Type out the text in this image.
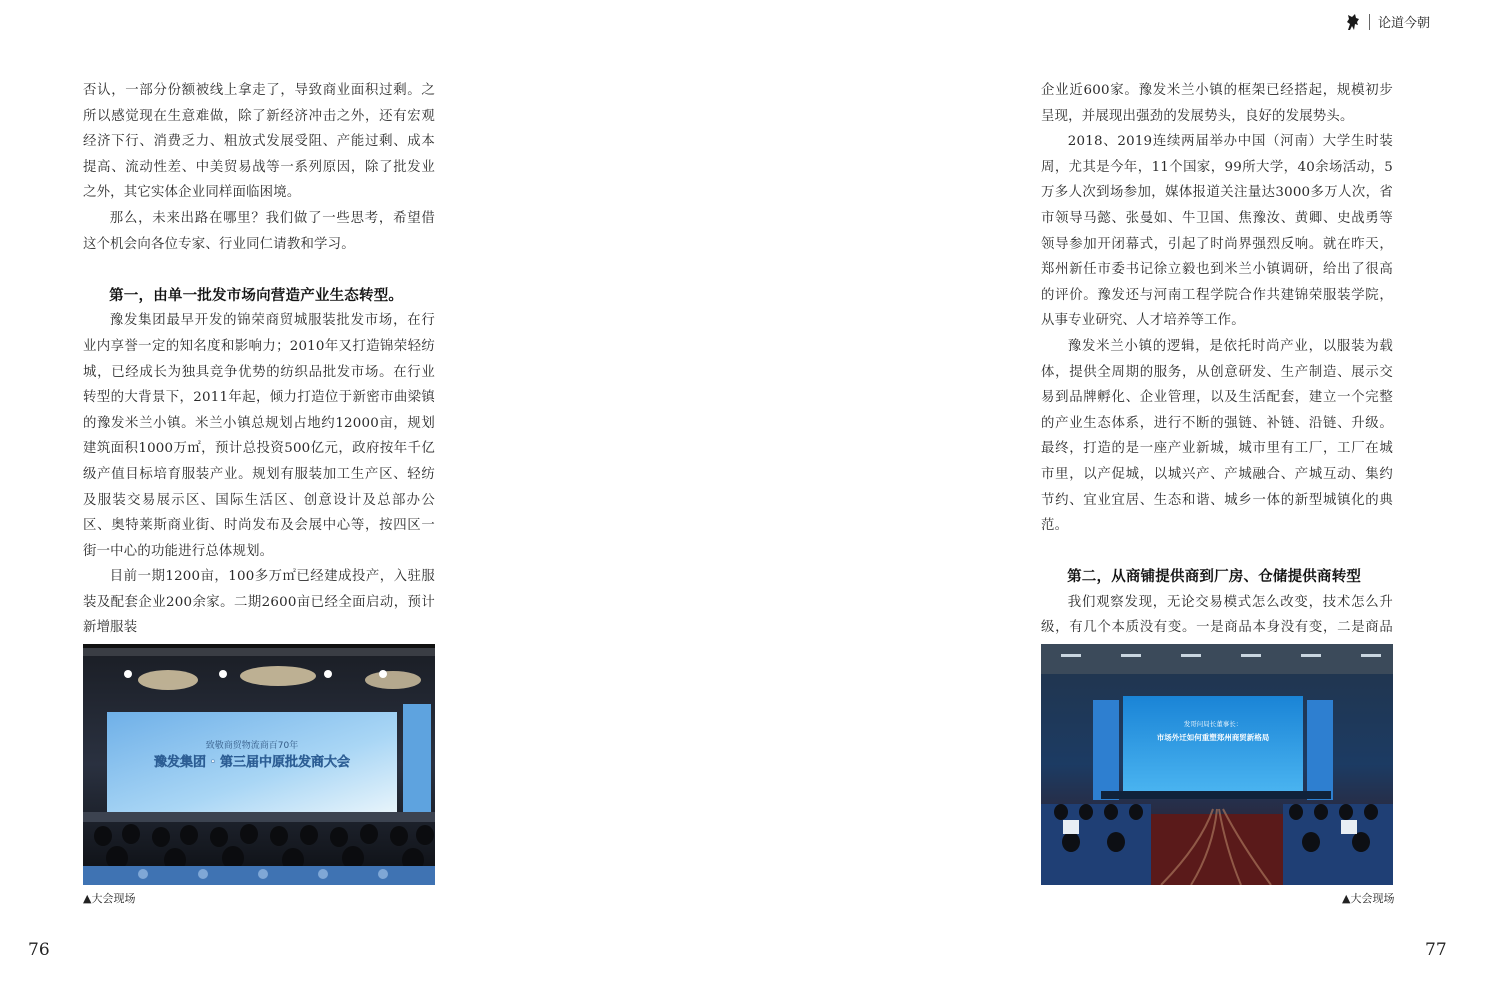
论道今朝

否认，一部分份额被线上拿走了，导致商业面积过剩。之所以感觉现在生意难做，除了新经济冲击之外，还有宏观经济下行、消费乏力、粗放式发展受阻、产能过剩、成本提高、流动性差、中美贸易战等一系列原因，除了批发业之外，其它实体企业同样面临困境。

那么，未来出路在哪里？我们做了一些思考，希望借这个机会向各位专家、行业同仁请教和学习。

第一，由单一批发市场向营造产业生态转型。

豫发集团最早开发的锦荣商贸城服装批发市场，在行业内享誉一定的知名度和影响力；2010年又打造锦荣轻纺城，已经成长为独具竞争优势的纺织品批发市场。在行业转型的大背景下，2011年起，倾力打造位于新密市曲梁镇的豫发米兰小镇。米兰小镇总规划占地约12000亩，规划建筑面积1000万㎡，预计总投资500亿元，政府按年千亿级产值目标培育服装产业。规划有服装加工生产区、轻纺及服装交易展示区、国际生活区、创意设计及总部办公区、奥特莱斯商业街、时尚发布及会展中心等，按四区一街一中心的功能进行总体规划。

目前一期1200亩，100多万㎡已经建成投产，入驻服装及配套企业200余家。二期2600亩已经全面启动，预计新增服装

企业近600家。豫发米兰小镇的框架已经搭起，规模初步呈现，并展现出强劲的发展势头，良好的发展势头。

2018、2019连续两届举办中国（河南）大学生时装周，尤其是今年，11个国家，99所大学，40余场活动，5万多人次到场参加，媒体报道关注量达3000多万人次，省市领导马懿、张曼如、牛卫国、焦豫汝、黄卿、史战勇等领导参加开闭幕式，引起了时尚界强烈反响。就在昨天，郑州新任市委书记徐立毅也到米兰小镇调研，给出了很高的评价。豫发还与河南工程学院合作共建锦荣服装学院，从事专业研究、人才培养等工作。

豫发米兰小镇的逻辑，是依托时尚产业，以服装为载体，提供全周期的服务，从创意研发、生产制造、展示交易到品牌孵化、企业管理，以及生活配套，建立一个完整的产业生态体系，进行不断的强链、补链、沿链、升级。最终，打造的是一座产业新城，城市里有工厂，工厂在城市里，以产促城，以城兴产、产城融合、产城互动、集约节约、宜业宜居、生态和谐、城乡一体的新型城镇化的典范。

第二，从商铺提供商到厂房、仓储提供商转型

我们观察发现，无论交易模式怎么改变，技术怎么升级，有几个本质没有变。一是商品本身没有变，二是商品

致敬商贸物流商百70年
豫发集团 · 第三届中原批发商大会
▲大会现场
发哥问局长董事长：
市场外迁如何重塑郑州商贸新格局
▲大会现场
76	77
